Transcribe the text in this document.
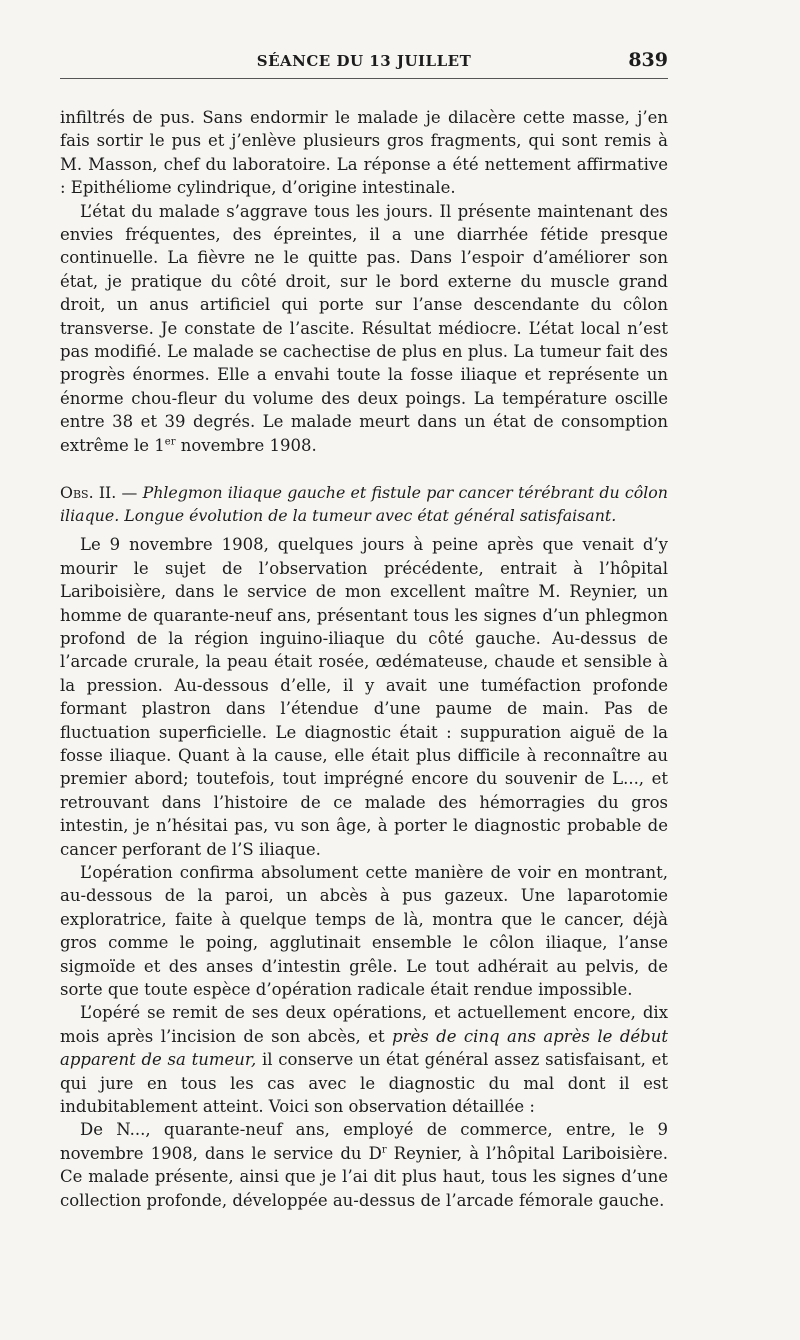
SÉANCE DU 13 JUILLET	839

infiltrés de pus. Sans endormir le malade je dilacère cette masse, j’en fais sortir le pus et j’enlève plusieurs gros fragments, qui sont remis à M. Masson, chef du laboratoire. La réponse a été nettement affirmative : Epithéliome cylindrique, d’origine intestinale.

L’état du malade s’aggrave tous les jours. Il présente maintenant des envies fréquentes, des épreintes, il a une diarrhée fétide presque continuelle. La fièvre ne le quitte pas. Dans l’espoir d’améliorer son état, je pratique du côté droit, sur le bord externe du muscle grand droit, un anus artificiel qui porte sur l’anse descendante du côlon transverse. Je constate de l’ascite. Résultat médiocre. L’état local n’est pas modifié. Le malade se cachectise de plus en plus. La tumeur fait des progrès énormes. Elle a envahi toute la fosse iliaque et représente un énorme chou-fleur du volume des deux poings. La température oscille entre 38 et 39 degrés. Le malade meurt dans un état de consomption extrême le 1er novembre 1908.

Obs. II. — Phlegmon iliaque gauche et fistule par cancer térébrant du côlon iliaque. Longue évolution de la tumeur avec état général satisfaisant.

Le 9 novembre 1908, quelques jours à peine après que venait d’y mourir le sujet de l’observation précédente, entrait à l’hôpital Lariboisière, dans le service de mon excellent maître M. Reynier, un homme de quarante-neuf ans, présentant tous les signes d’un phlegmon profond de la région inguino-iliaque du côté gauche. Au-dessus de l’arcade crurale, la peau était rosée, œdémateuse, chaude et sensible à la pression. Au-dessous d’elle, il y avait une tuméfaction profonde formant plastron dans l’étendue d’une paume de main. Pas de fluctuation superficielle. Le diagnostic était : suppuration aiguë de la fosse iliaque. Quant à la cause, elle était plus difficile à reconnaître au premier abord; toutefois, tout imprégné encore du souvenir de L..., et retrouvant dans l’histoire de ce malade des hémorragies du gros intestin, je n’hésitai pas, vu son âge, à porter le diagnostic probable de cancer perforant de l’S iliaque.

L’opération confirma absolument cette manière de voir en montrant, au-dessous de la paroi, un abcès à pus gazeux. Une laparotomie exploratrice, faite à quelque temps de là, montra que le cancer, déjà gros comme le poing, agglutinait ensemble le côlon iliaque, l’anse sigmoïde et des anses d’intestin grêle. Le tout adhérait au pelvis, de sorte que toute espèce d’opération radicale était rendue impossible.

L’opéré se remit de ses deux opérations, et actuellement encore, dix mois après l’incision de son abcès, et près de cinq ans après le début apparent de sa tumeur, il conserve un état général assez satisfaisant, et qui jure en tous les cas avec le diagnostic du mal dont il est indubitablement atteint. Voici son observation détaillée :

De N..., quarante-neuf ans, employé de commerce, entre, le 9 novembre 1908, dans le service du $D^r$ Reynier, à l’hôpital Lariboisière. Ce malade présente, ainsi que je l’ai dit plus haut, tous les signes d’une collection profonde, développée au-dessus de l’arcade fémorale gauche.
